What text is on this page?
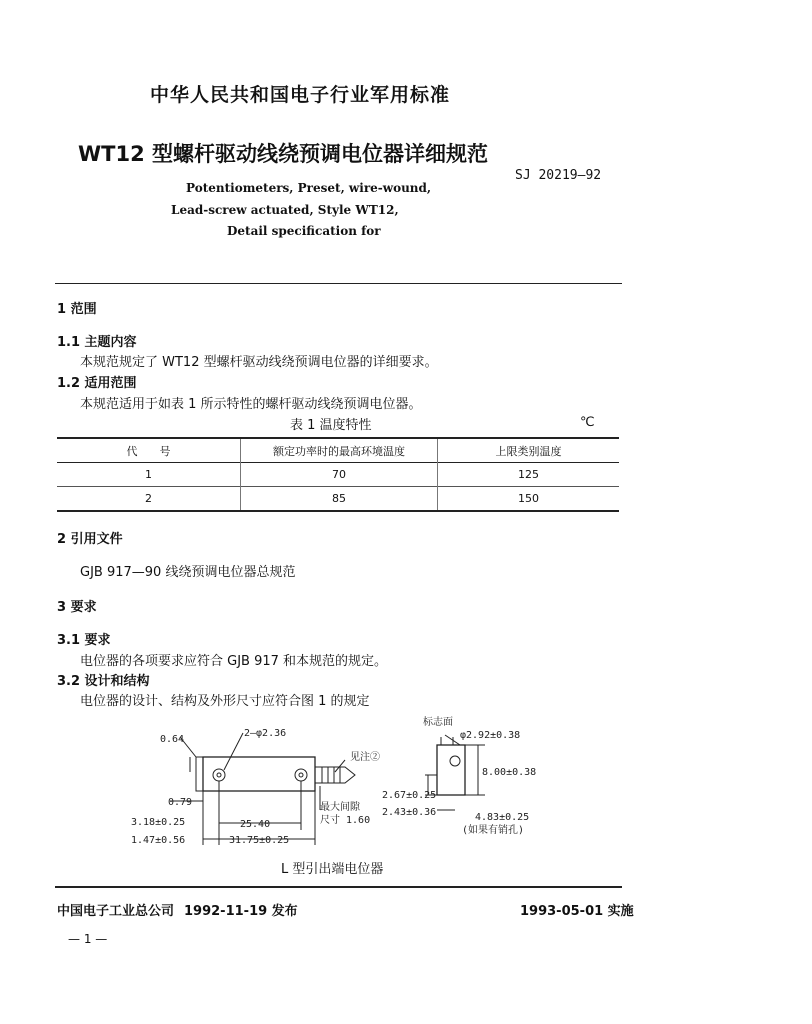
中华人民共和国电子行业军用标准
WT12 型螺杆驱动线绕预调电位器详细规范
SJ 20219—92
Potentiometers, Preset, wire-wound,
Lead-screw actuated, Style WT12,
Detail specification for
1 范围
1.1 主题内容
本规范规定了 WT12 型螺杆驱动线绕预调电位器的详细要求。
1.2 适用范围
本规范适用于如表 1 所示特性的螺杆驱动线绕预调电位器。
表 1 温度特性	℃
代　　号	额定功率时的最高环境温度	上限类别温度
1	70	125
2	85	150
2 引用文件
GJB 917—90 线绕预调电位器总规范
3 要求
3.1 要求
电位器的各项要求应符合 GJB 917 和本规范的规定。
3.2 设计和结构
电位器的设计、结构及外形尺寸应符合图 1 的规定
0.64
2—φ2.36
标志面
见注②
最大间隙
尺寸 1.60
0.79
3.18±0.25
1.47±0.56
25.40
31.75±0.25
φ2.92±0.38
8.00±0.38
2.67±0.25
2.43±0.36	4.83±0.25
(如果有销孔)
L 型引出端电位器
中国电子工业总公司 1992-11-19 发布	1993-05-01 实施
— 1 —
